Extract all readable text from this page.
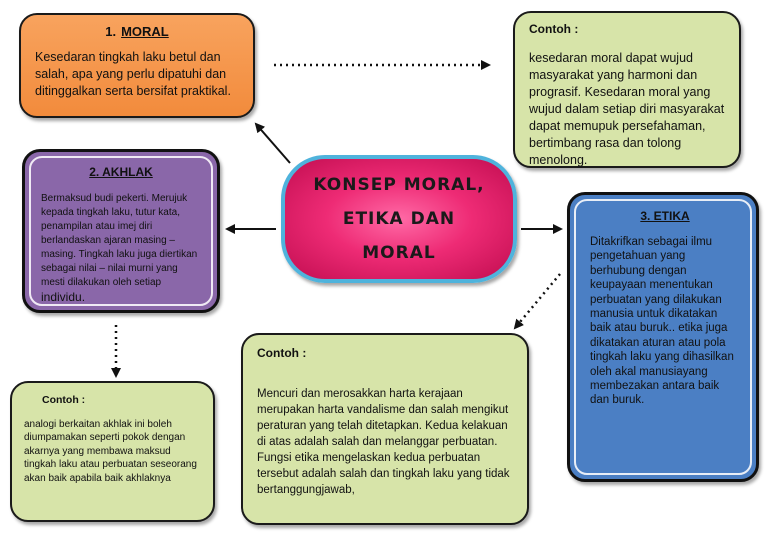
1. MORAL

Kesedaran tingkah laku betul dan salah, apa yang perlu dipatuhi dan ditinggalkan serta bersifat praktikal.

Contoh :

kesedaran moral dapat wujud masyarakat yang harmoni dan prograsif. Kesedaran moral yang wujud dalam setiap diri masyarakat dapat memupuk persefahaman, bertimbang rasa dan tolong menolong.

2. AKHLAK

Bermaksud budi pekerti. Merujuk kepada tingkah laku, tutur kata, penampilan atau imej diri berlandaskan ajaran masing – masing. Tingkah laku juga diertikan sebagai nilai – nilai murni yang mesti dilakukan oleh setiap individu.

KONSEP MORAL,
ETIKA DAN
MORAL

3. ETIKA

Ditakrifkan sebagai ilmu pengetahuan yang berhubung dengan keupayaan menentukan perbuatan yang dilakukan manusia untuk dikatakan baik atau buruk.. etika juga dikatakan aturan atau pola tingkah laku yang dihasilkan oleh akal manusiayang membezakan antara baik dan buruk.

Contoh :

Mencuri dan merosakkan harta kerajaan merupakan harta vandalisme dan salah mengikut peraturan yang telah ditetapkan. Kedua kelakuan di atas adalah salah dan melanggar perbuatan. Fungsi etika mengelaskan kedua perbuatan tersebut adalah salah dan tingkah laku yang tidak bertanggungjawab,

Contoh :

analogi berkaitan akhlak ini boleh diumpamakan seperti pokok dengan akarnya yang membawa maksud tingkah laku atau perbuatan seseorang akan baik apabila baik akhlaknya
